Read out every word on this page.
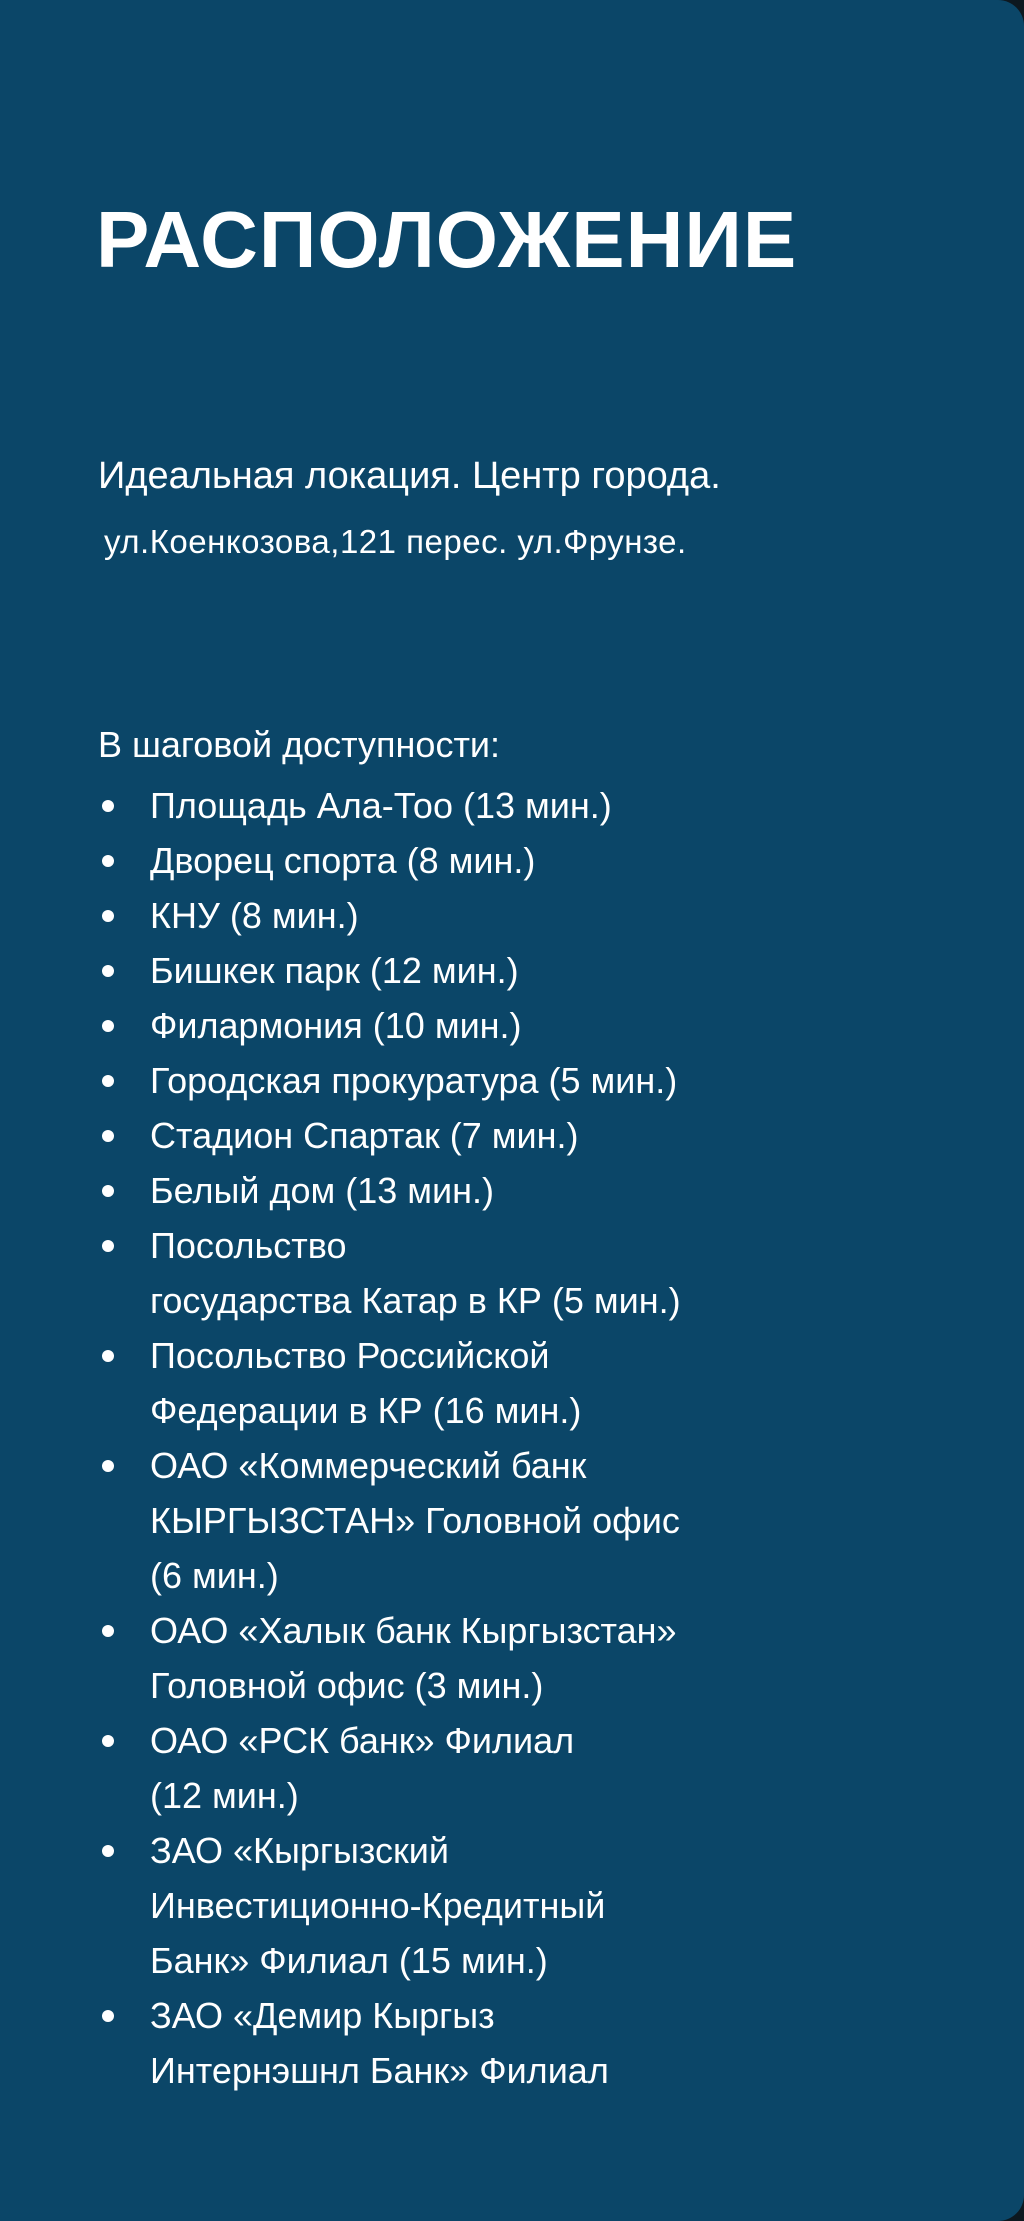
РАСПОЛОЖЕНИЕ

Идеальная локация. Центр города.

ул.Коенкозова,121 перес. ул.Фрунзе.

В шаговой доступности:

Площадь Ала-Тоо (13 мин.)
Дворец спорта (8 мин.)
КНУ (8 мин.)
Бишкек парк (12 мин.)
Филармония (10 мин.)
Городская прокуратура (5 мин.)
Стадион Спартак (7 мин.)
Белый дом (13 мин.)
Посольство
государства Катар в КР (5 мин.)
Посольство Российской
Федерации в КР (16 мин.)
ОАО «Коммерческий банк
КЫРГЫЗСТАН» Головной офис
(6 мин.)
ОАО «Халык банк Кыргызстан»
Головной офис (3 мин.)
ОАО «РСК банк» Филиал
(12 мин.)
ЗАО «Кыргызский
Инвестиционно-Кредитный
Банк» Филиал (15 мин.)
ЗАО «Демир Кыргыз
Интернэшнл Банк» Филиал
